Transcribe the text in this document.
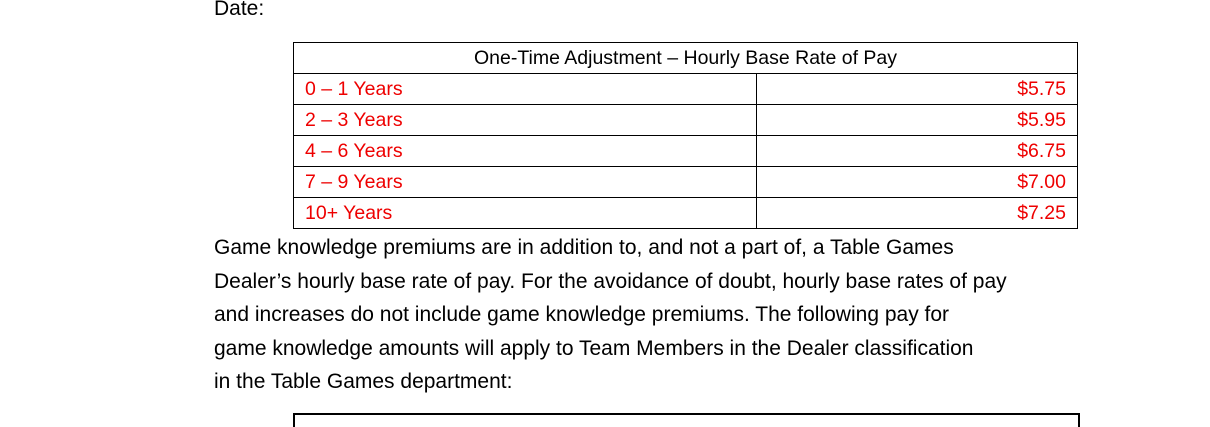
Date:
One-Time Adjustment – Hourly Base Rate of Pay	
0 – 1 Years	$5.75
2 – 3 Years	$5.95
4 – 6 Years	$6.75
7 – 9 Years	$7.00
10+ Years	$7.25

Game knowledge premiums are in addition to, and not a part of, a Table Games
Dealer’s hourly base rate of pay. For the avoidance of doubt, hourly base rates of pay
and increases do not include game knowledge premiums. The following pay for
game knowledge amounts will apply to Team Members in the Dealer classification
in the Table Games department:
